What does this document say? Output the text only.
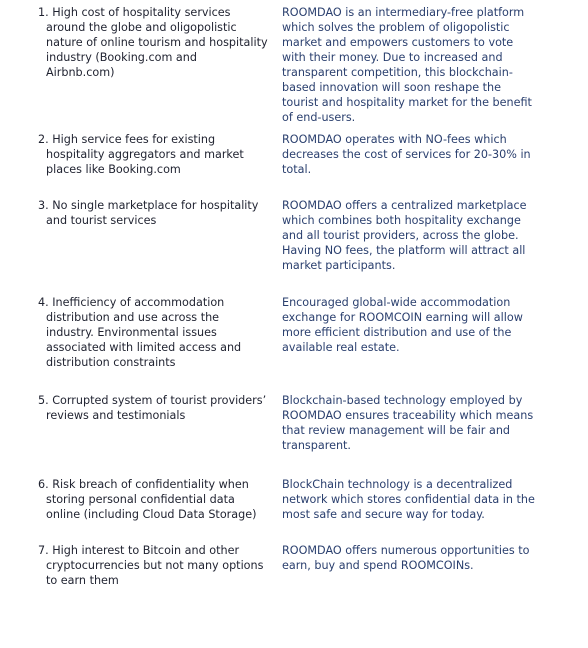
1. High cost of hospitality services around the globe and oligopolistic nature of online tourism and hospitality industry (Booking.com and Airbnb.com)
ROOMDAO is an intermediary-free platform which solves the problem of oligopolistic market and empowers customers to vote with their money. Due to increased and transparent competition, this blockchain-based innovation will soon reshape the tourist and hospitality market for the benefit of end-users.
2. High service fees for existing hospitality aggregators and market places like Booking.com
ROOMDAO operates with NO-fees which decreases the cost of services for 20-30% in total.
3. No single marketplace for hospitality and tourist services
ROOMDAO offers a centralized marketplace which combines both hospitality exchange and all tourist providers, across the globe. Having NO fees, the platform will attract all market participants.
4. Inefficiency of accommodation distribution and use across the industry. Environmental issues associated with limited access and distribution constraints
Encouraged global-wide accommodation exchange for ROOMCOIN earning will allow more efficient distribution and use of the available real estate.
5. Corrupted system of tourist providers’ reviews and testimonials
Blockchain-based technology employed by ROOMDAO ensures traceability which means that review management will be fair and transparent.
6. Risk breach of confidentiality when storing personal confidential data online (including Cloud Data Storage)
BlockChain technology is a decentralized network which stores confidential data in the most safe and secure way for today.
7. High interest to Bitcoin and other cryptocurrencies but not many options to earn them
ROOMDAO offers numerous opportunities to earn, buy and spend ROOMCOINs.
